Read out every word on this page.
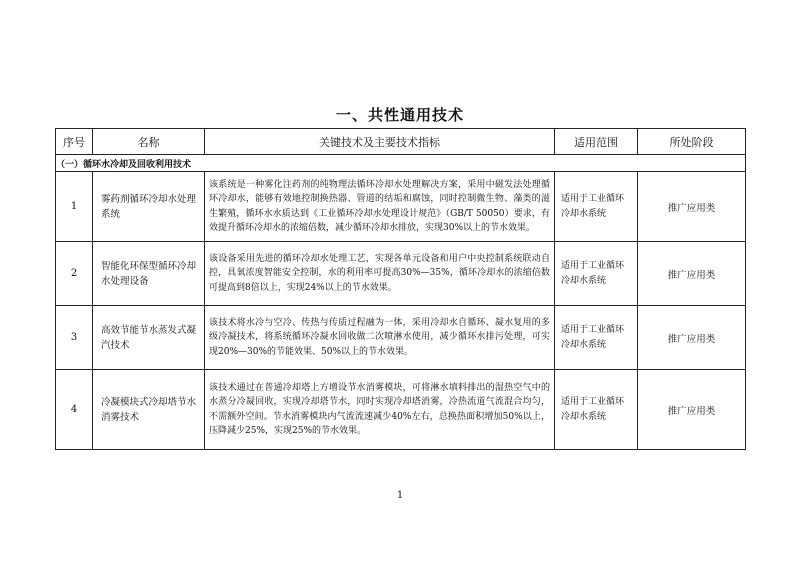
一、共性通用技术
序号	名称	关键技术及主要技术指标	适用范围	所处阶段
（一）循环水冷却及回收利用技术				
1	雾药剂循环冷却水处理系统	该系统是一种雾化注药剂的纯物理法循环冷却水处理解决方案，采用中磁发法处理循环冷却水，能够有效地控制换热器、管道的结垢和腐蚀，同时控制微生物、藻类的滋生繁殖，循环水水质达到《工业循环冷却水处理设计规范》（GB/T 50050）要求，有效提升循环冷却水的浓缩倍数，减少循环冷却水排放，实现30%以上的节水效果。	适用于工业循环冷却水系统	推广应用类
2	智能化环保型循环冷却水处理设备	该设备采用先进的循环冷却水处理工艺，实现各单元设备和用户中央控制系统联动自控，具氧浓度智能安全控制，水的利用率可提高30%—35%，循环冷却水的浓缩倍数可提高到8倍以上，实现24%以上的节水效果。	适用于工业循环冷却水系统	推广应用类
3	高效节能节水蒸发式凝汽技术	该技术将水冷与空冷、传热与传质过程融为一体，采用冷却水自循环、凝水复用的多级冷凝技术，将系统循环冷凝水回收做二次喷淋水使用，减少循环水排污处理，可实现20%—30%的节能效果、50%以上的节水效果。	适用于工业循环冷却水系统	推广应用类
4	冷凝模块式冷却塔节水消雾技术	该技术通过在普通冷却塔上方增设节水消雾模块，可将淋水填料排出的湿热空气中的水蒸分冷凝回收，实现冷却塔节水，同时实现冷却塔消雾，冷热流道气流混合均匀，不需额外空间。节水消雾模块内气流流速减少40%左右，总换热面积增加50%以上，压降减少25%，实现25%的节水效果。	适用于工业循环冷却水系统	推广应用类
1
